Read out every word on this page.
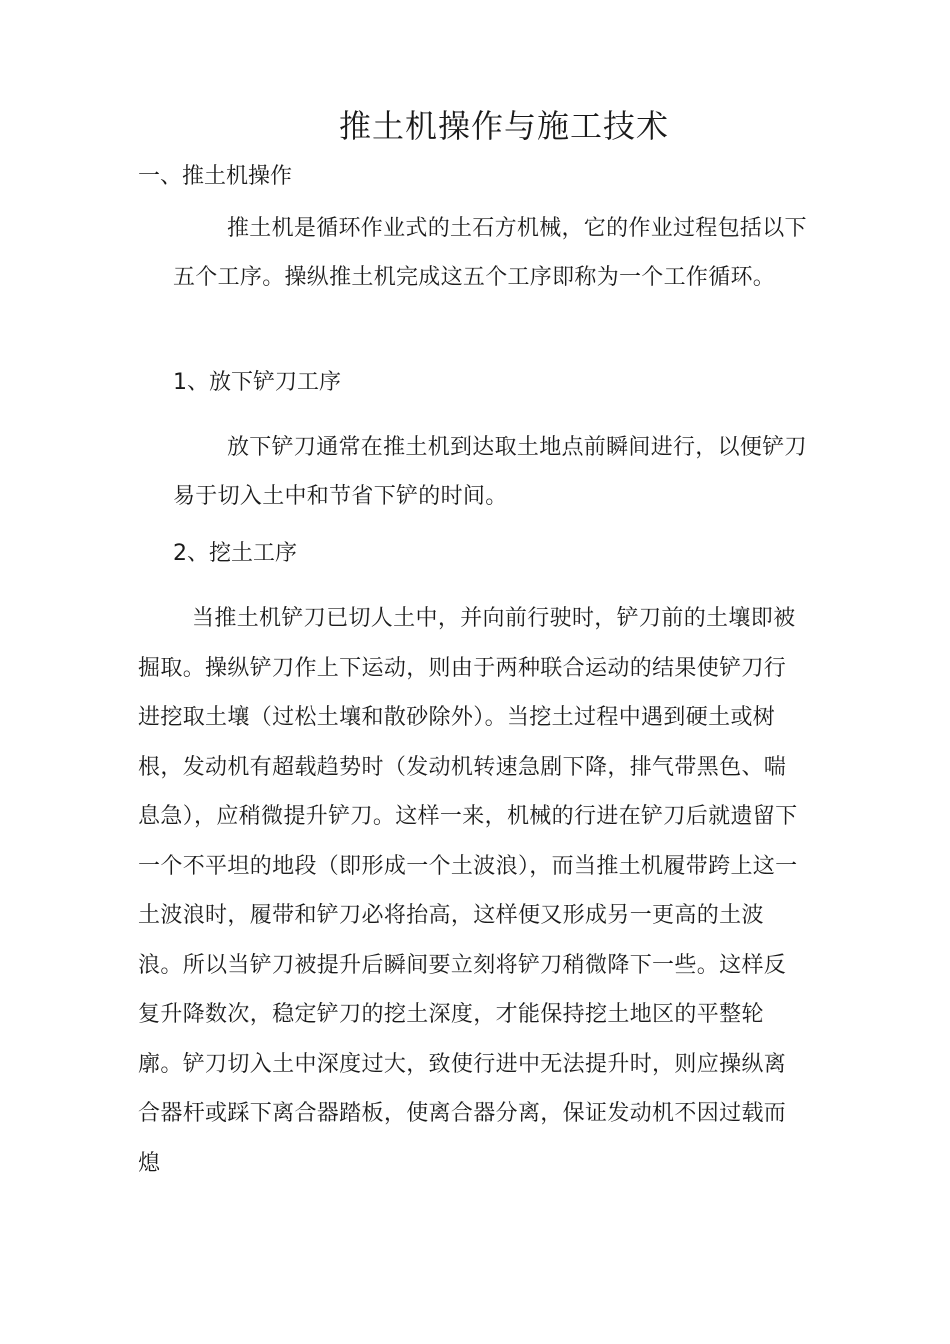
推土机操作与施工技术
一、推土机操作
推土机是循环作业式的土石方机械，它的作业过程包括以下五个工序。操纵推土机完成这五个工序即称为一个工作循环。
1、放下铲刀工序
放下铲刀通常在推土机到达取土地点前瞬间进行，以便铲刀易于切入土中和节省下铲的时间。
2、挖土工序
当推土机铲刀已切人土中，并向前行驶时，铲刀前的土壤即被掘取。操纵铲刀作上下运动，则由于两种联合运动的结果使铲刀行进挖取土壤（过松土壤和散砂除外）。当挖土过程中遇到硬土或树根，发动机有超载趋势时（发动机转速急剧下降，排气带黑色、喘息急），应稍微提升铲刀。这样一来，机械的行进在铲刀后就遗留下一个不平坦的地段（即形成一个土波浪），而当推土机履带跨上这一土波浪时，履带和铲刀必将抬高，这样便又形成另一更高的土波浪。所以当铲刀被提升后瞬间要立刻将铲刀稍微降下一些。这样反复升降数次，稳定铲刀的挖土深度，才能保持挖土地区的平整轮廓。铲刀切入土中深度过大，致使行进中无法提升时，则应操纵离合器杆或踩下离合器踏板，使离合器分离，保证发动机不因过载而熄
